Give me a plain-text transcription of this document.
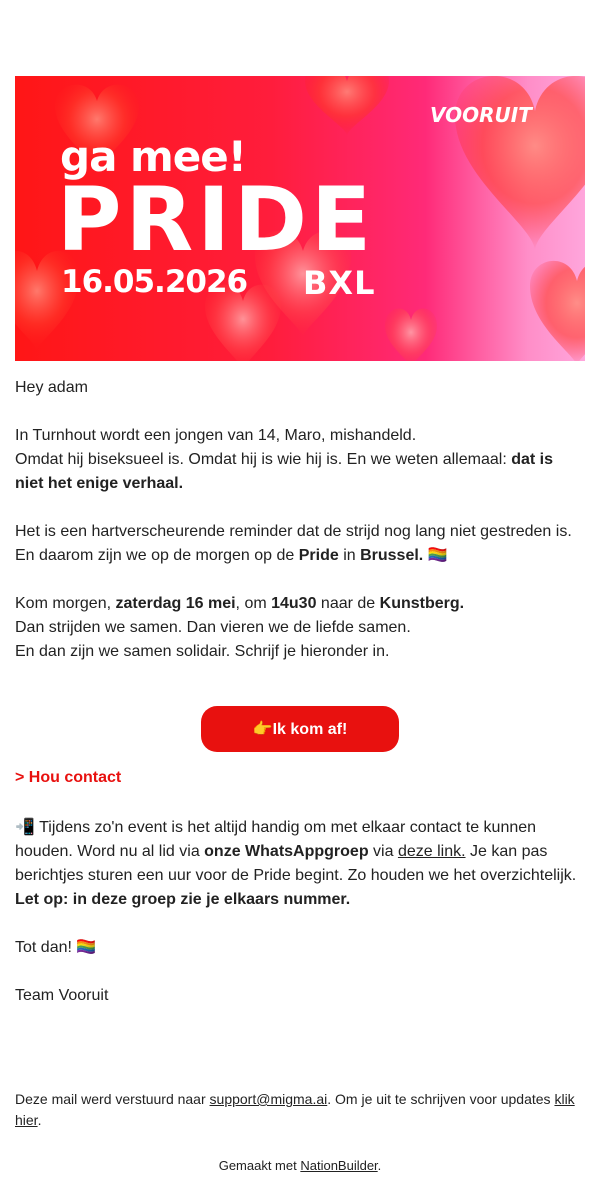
VOORUIT
ga mee!
PRIDE
16.05.2026 BXL
Hey adam
In Turnhout wordt een jongen van 14, Maro, mishandeld.
Omdat hij biseksueel is. Omdat hij is wie hij is. En we weten allemaal: dat is niet het enige verhaal.
Het is een hartverscheurende reminder dat de strijd nog lang niet gestreden is.
En daarom zijn we op de morgen op de Pride in Brussel. 🏳️‍🌈
Kom morgen, zaterdag 16 mei, om 14u30 naar de Kunstberg.
Dan strijden we samen. Dan vieren we de liefde samen.
En dan zijn we samen solidair. Schrijf je hieronder in.
👉Ik kom af!
> Hou contact
📲 Tijdens zo'n event is het altijd handig om met elkaar contact te kunnen houden. Word nu al lid via onze WhatsAppgroep via deze link. Je kan pas berichtjes sturen een uur voor de Pride begint. Zo houden we het overzichtelijk. Let op: in deze groep zie je elkaars nummer.
Tot dan! 🏳️‍🌈
Team Vooruit
Deze mail werd verstuurd naar support@migma.ai. Om je uit te schrijven voor updates klik hier.
Gemaakt met NationBuilder.
